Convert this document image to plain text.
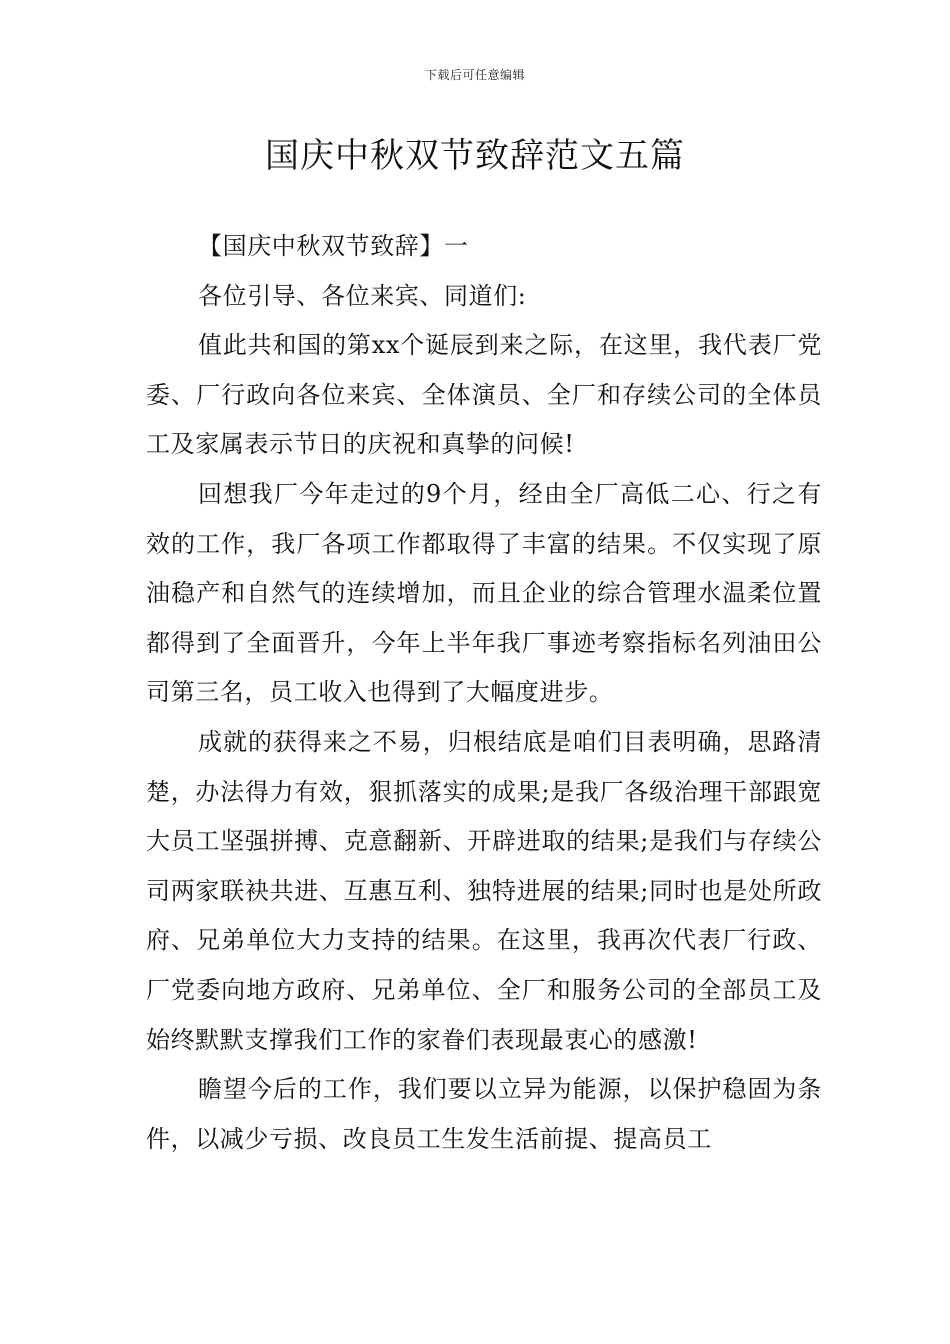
下载后可任意编辑
国庆中秋双节致辞范文五篇

【国庆中秋双节致辞】一

各位引导、各位来宾、同道们:

值此共和国的第xx个诞辰到来之际，在这里，我代表厂党委、厂行政向各位来宾、全体演员、全厂和存续公司的全体员工及家属表示节日的庆祝和真挚的问候!

回想我厂今年走过的9个月，经由全厂高低二心、行之有效的工作，我厂各项工作都取得了丰富的结果。不仅实现了原油稳产和自然气的连续增加，而且企业的综合管理水温柔位置都得到了全面晋升，今年上半年我厂事迹考察指标名列油田公司第三名，员工收入也得到了大幅度进步。

成就的获得来之不易，归根结底是咱们目表明确，思路清楚，办法得力有效，狠抓落实的成果;是我厂各级治理干部跟宽大员工坚强拼搏、克意翻新、开辟进取的结果;是我们与存续公司两家联袂共进、互惠互利、独特进展的结果;同时也是处所政府、兄弟单位大力支持的结果。在这里，我再次代表厂行政、厂党委向地方政府、兄弟单位、全厂和服务公司的全部员工及始终默默支撑我们工作的家眷们表现最衷心的感激!

瞻望今后的工作，我们要以立异为能源，以保护稳固为条件，以减少亏损、改良员工生发生活前提、提高员工
